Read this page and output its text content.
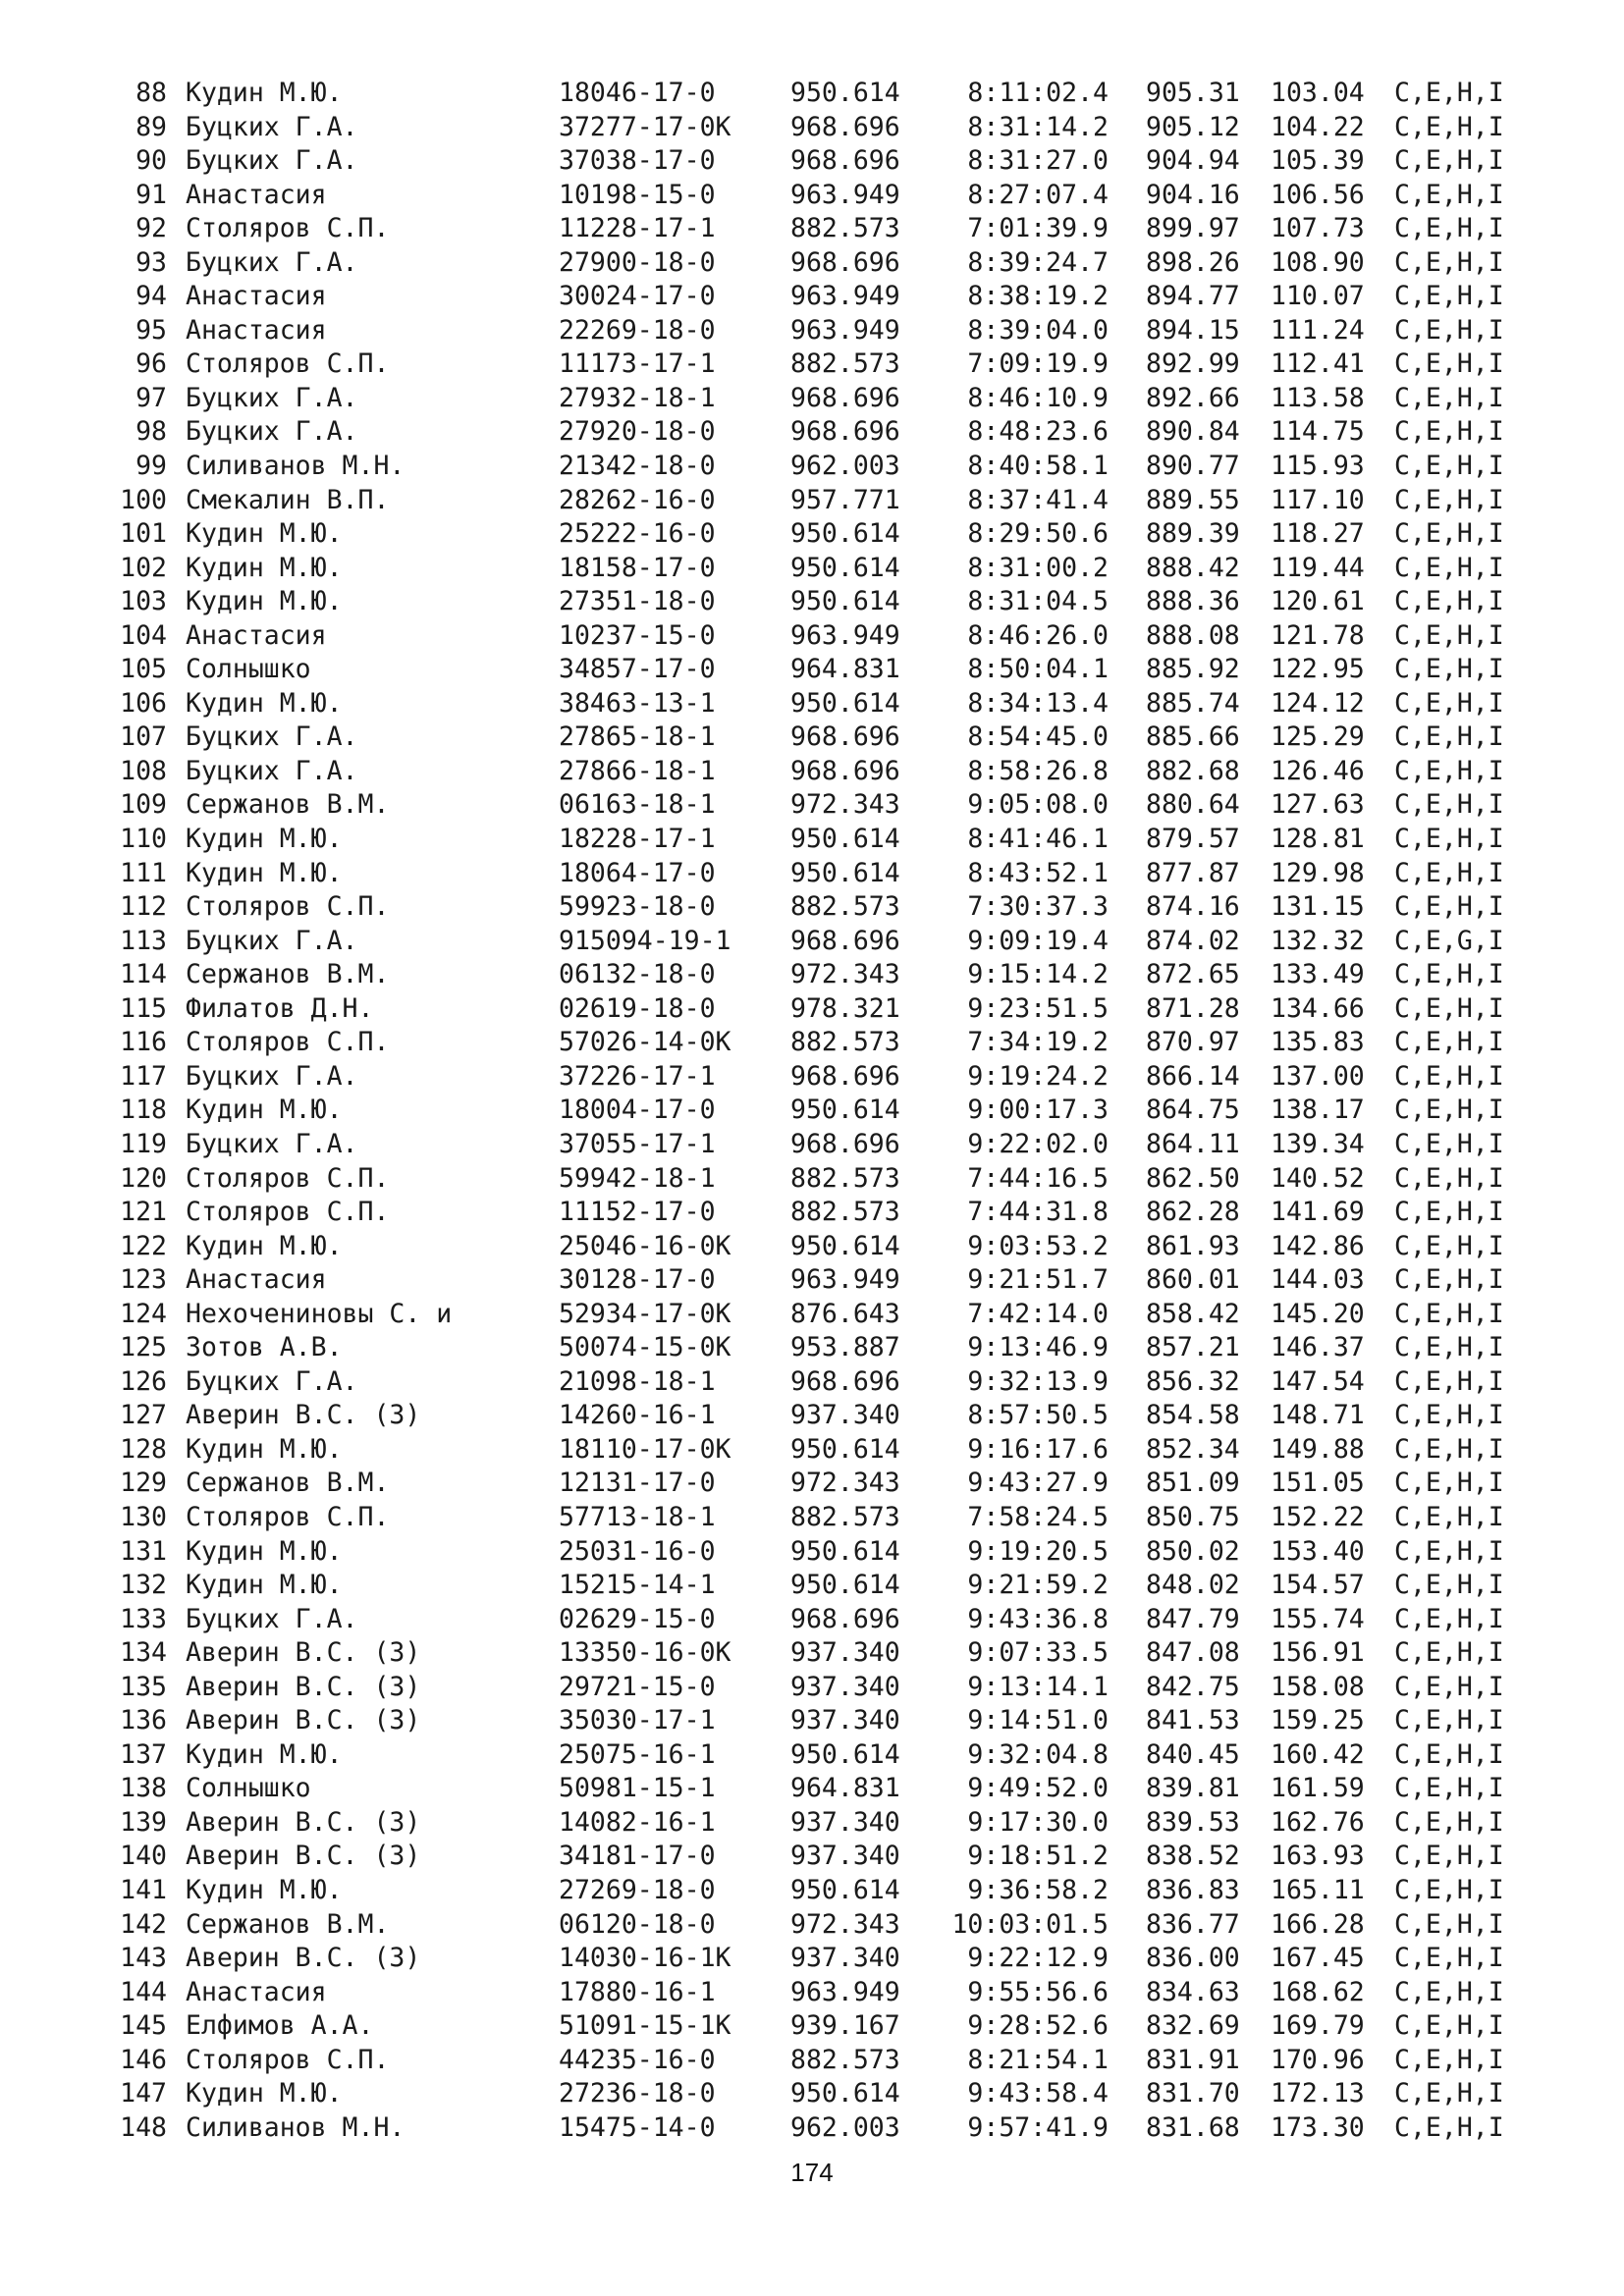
88 Кудин М.Ю.	18046-17-0	950.614	8:11:02.4 905.31 103.04 C,E,H,I
89 Буцких Г.А.	37277-17-0K 968.696	8:31:14.2 905.12 104.22 C,E,H,I
90 Буцких Г.А.	37038-17-0	968.696	8:31:27.0 904.94 105.39 C,E,H,I
91 Анастасия	10198-15-0	963.949	8:27:07.4 904.16 106.56 C,E,H,I
92 Столяров С.П.	11228-17-1	882.573	7:01:39.9 899.97 107.73 C,E,H,I
93 Буцких Г.А.	27900-18-0	968.696	8:39:24.7 898.26 108.90 C,E,H,I
94 Анастасия	30024-17-0	963.949	8:38:19.2 894.77 110.07 C,E,H,I
95 Анастасия	22269-18-0	963.949	8:39:04.0 894.15 111.24 C,E,H,I
96 Столяров С.П.	11173-17-1	882.573	7:09:19.9 892.99 112.41 C,E,H,I
97 Буцких Г.А.	27932-18-1	968.696	8:46:10.9 892.66 113.58 C,E,H,I
98 Буцких Г.А.	27920-18-0	968.696	8:48:23.6 890.84 114.75 C,E,H,I
99 Силиванов М.Н.	21342-18-0	962.003	8:40:58.1 890.77 115.93 C,E,H,I
100 Смекалин В.П.	28262-16-0	957.771	8:37:41.4 889.55 117.10 C,E,H,I
101 Кудин М.Ю.	25222-16-0	950.614	8:29:50.6 889.39 118.27 C,E,H,I
102 Кудин М.Ю.	18158-17-0	950.614	8:31:00.2 888.42 119.44 C,E,H,I
103 Кудин М.Ю.	27351-18-0	950.614	8:31:04.5 888.36 120.61 C,E,H,I
104 Анастасия	10237-15-0	963.949	8:46:26.0 888.08 121.78 C,E,H,I
105 Солнышко	34857-17-0	964.831	8:50:04.1 885.92 122.95 C,E,H,I
106 Кудин М.Ю.	38463-13-1	950.614	8:34:13.4 885.74 124.12 C,E,H,I
107 Буцких Г.А.	27865-18-1	968.696	8:54:45.0 885.66 125.29 C,E,H,I
108 Буцких Г.А.	27866-18-1	968.696	8:58:26.8 882.68 126.46 C,E,H,I
109 Сержанов В.М.	06163-18-1	972.343	9:05:08.0 880.64 127.63 C,E,H,I
110 Кудин М.Ю.	18228-17-1	950.614	8:41:46.1 879.57 128.81 C,E,H,I
111 Кудин М.Ю.	18064-17-0	950.614	8:43:52.1 877.87 129.98 C,E,H,I
112 Столяров С.П.	59923-18-0	882.573	7:30:37.3 874.16 131.15 C,E,H,I
113 Буцких Г.А.	915094-19-1 968.696	9:09:19.4 874.02 132.32 C,E,G,I
114 Сержанов В.М.	06132-18-0	972.343	9:15:14.2 872.65 133.49 C,E,H,I
115 Филатов Д.Н.	02619-18-0	978.321	9:23:51.5 871.28 134.66 C,E,H,I
116 Столяров С.П.	57026-14-0K 882.573	7:34:19.2 870.97 135.83 C,E,H,I
117 Буцких Г.А.	37226-17-1	968.696	9:19:24.2 866.14 137.00 C,E,H,I
118 Кудин М.Ю.	18004-17-0	950.614	9:00:17.3 864.75 138.17 C,E,H,I
119 Буцких Г.А.	37055-17-1	968.696	9:22:02.0 864.11 139.34 C,E,H,I
120 Столяров С.П.	59942-18-1	882.573	7:44:16.5 862.50 140.52 C,E,H,I
121 Столяров С.П.	11152-17-0	882.573	7:44:31.8 862.28 141.69 C,E,H,I
122 Кудин М.Ю.	25046-16-0K 950.614	9:03:53.2 861.93 142.86 C,E,H,I
123 Анастасия	30128-17-0	963.949	9:21:51.7 860.01 144.03 C,E,H,I
124 Нехочениновы С. и	52934-17-0K 876.643	7:42:14.0 858.42 145.20 C,E,H,I
125 Зотов А.В.	50074-15-0K 953.887	9:13:46.9 857.21 146.37 C,E,H,I
126 Буцких Г.А.	21098-18-1	968.696	9:32:13.9 856.32 147.54 C,E,H,I
127 Аверин В.С. (З)	14260-16-1	937.340	8:57:50.5 854.58 148.71 C,E,H,I
128 Кудин М.Ю.	18110-17-0K 950.614	9:16:17.6 852.34 149.88 C,E,H,I
129 Сержанов В.М.	12131-17-0	972.343	9:43:27.9 851.09 151.05 C,E,H,I
130 Столяров С.П.	57713-18-1	882.573	7:58:24.5 850.75 152.22 C,E,H,I
131 Кудин М.Ю.	25031-16-0	950.614	9:19:20.5 850.02 153.40 C,E,H,I
132 Кудин М.Ю.	15215-14-1	950.614	9:21:59.2 848.02 154.57 C,E,H,I
133 Буцких Г.А.	02629-15-0	968.696	9:43:36.8 847.79 155.74 C,E,H,I
134 Аверин В.С. (З)	13350-16-0K 937.340	9:07:33.5 847.08 156.91 C,E,H,I
135 Аверин В.С. (З)	29721-15-0	937.340	9:13:14.1 842.75 158.08 C,E,H,I
136 Аверин В.С. (З)	35030-17-1	937.340	9:14:51.0 841.53 159.25 C,E,H,I
137 Кудин М.Ю.	25075-16-1	950.614	9:32:04.8 840.45 160.42 C,E,H,I
138 Солнышко	50981-15-1	964.831	9:49:52.0 839.81 161.59 C,E,H,I
139 Аверин В.С. (З)	14082-16-1	937.340	9:17:30.0 839.53 162.76 C,E,H,I
140 Аверин В.С. (З)	34181-17-0	937.340	9:18:51.2 838.52 163.93 C,E,H,I
141 Кудин М.Ю.	27269-18-0	950.614	9:36:58.2 836.83 165.11 C,E,H,I
142 Сержанов В.М.	06120-18-0	972.343 10:03:01.5 836.77 166.28 C,E,H,I
143 Аверин В.С. (З)	14030-16-1K 937.340	9:22:12.9 836.00 167.45 C,E,H,I
144 Анастасия	17880-16-1	963.949	9:55:56.6 834.63 168.62 C,E,H,I
145 Елфимов А.А.	51091-15-1K 939.167	9:28:52.6 832.69 169.79 C,E,H,I
146 Столяров С.П.	44235-16-0	882.573	8:21:54.1 831.91 170.96 C,E,H,I
147 Кудин М.Ю.	27236-18-0	950.614	9:43:58.4 831.70 172.13 C,E,H,I
148 Силиванов М.Н.	15475-14-0	962.003	9:57:41.9 831.68 173.30 C,E,H,I
174
